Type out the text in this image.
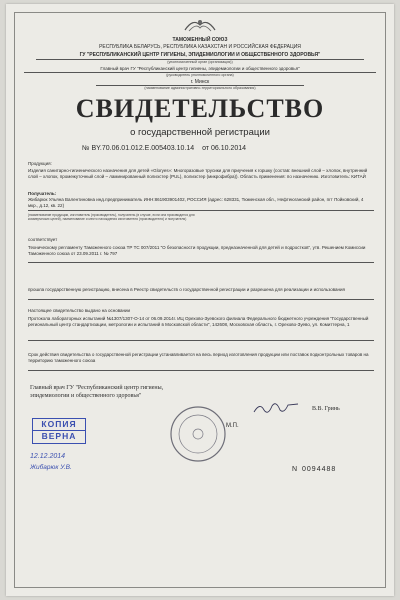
ТАМОЖЕННЫЙ СОЮЗ
РЕСПУБЛИКА БЕЛАРУСЬ, РЕСПУБЛИКА КАЗАХСТАН И РОССИЙСКАЯ ФЕДЕРАЦИЯ
ГУ "РЕСПУБЛИКАНСКИЙ ЦЕНТР ГИГИЕНЫ, ЭПИДЕМИОЛОГИИ И ОБЩЕСТВЕННОГО ЗДОРОВЬЯ"
(уполномоченный орган (организация))
Главный врач ГУ "Республиканский центр гигиены, эпидемиологии и общественного здоровья"
(руководитель уполномоченного органа)
г. Минск
(наименование административно-территориального образования)
СВИДЕТЕЛЬСТВО
о государственной регистрации
№ BY.70.06.01.012.Е.005403.10.14 от 06.10.2014
Продукция:
Изделия санитарно-гигиенического назначения для детей «Gloryes»: Многоразовые трусики для приучения к горшку (состав: внешний слой – хлопок, внутренний слой – хлопок, промежуточный слой – ламинированный полиэстер (PUL), полиэстер (микрофибра)). Область применения: по назначению. Изготовитель: КИТАЙ
Получатель:
Жибарюк Ульяна Валентиновна инд.предприниматель ИНН:861903901402, РОССИЯ (адрес: 628331, Тюменская обл., Нефтеюганский район, пгт Пойковский, 4 мкр., д.12, кв. 22)
(наименование продукции, изготовитель (производитель), получатель (в случае, если она производится для коммерческих целей), наименование и место нахождения изготовителя (производителя) и получателя)
соответствует
Техническому регламенту Таможенного союза ТР ТС 007/2011 "О безопасности продукции, предназначенной для детей и подростков", утв. Решением Комиссии Таможенного союза от 23.09.2011 г. № 797
прошла государственную регистрацию, внесена в Реестр свидетельств о государственной регистрации и разрешена для реализации и использования
Настоящее свидетельство выдано на основании
Протокола лабораторных испытаний №1307/1307-О-14 от 06.09.2014г. ИЦ Орехово-Зуевского филиала Федерального бюджетного учреждения "Государственный региональный центр стандартизации, метрологии и испытаний в Московской области", 142608, Московская область, г. Орехово-Зуево, ул. Комиттерна, 1
Срок действия свидетельства о государственной регистрации устанавливается на весь период изготовления продукции или поставок подконтрольных товаров на территорию таможенного союза
Главный врач ГУ "Республиканский центр гигиены, эпидемиологии и общественного здоровья"
В.В. Гринь
КОПИЯ
ВЕРНА
М.П.
12.12.2014
Жибарюк У.В.	N 0094488
